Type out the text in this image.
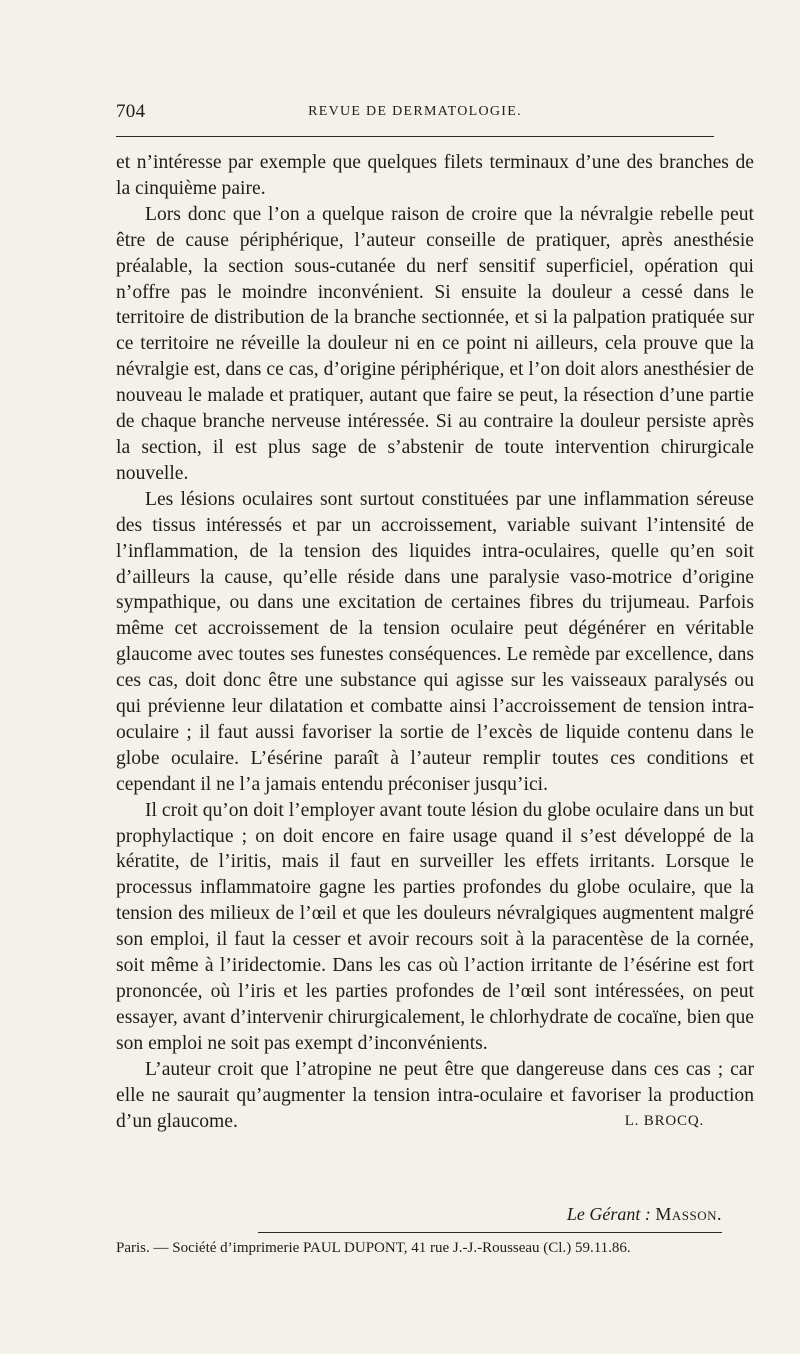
704	REVUE DE DERMATOLOGIE.

et n’intéresse par exemple que quelques filets terminaux d’une des branches de la cinquième paire.

Lors donc que l’on a quelque raison de croire que la névralgie rebelle peut être de cause périphérique, l’auteur conseille de pratiquer, après anesthésie préalable, la section sous-cutanée du nerf sensitif superficiel, opération qui n’offre pas le moindre inconvénient. Si ensuite la douleur a cessé dans le territoire de distribution de la branche sectionnée, et si la palpation pratiquée sur ce territoire ne réveille la douleur ni en ce point ni ailleurs, cela prouve que la névralgie est, dans ce cas, d’origine périphérique, et l’on doit alors anesthésier de nouveau le malade et pratiquer, autant que faire se peut, la résection d’une partie de chaque branche nerveuse intéressée. Si au contraire la douleur persiste après la section, il est plus sage de s’abstenir de toute intervention chirurgicale nouvelle.

Les lésions oculaires sont surtout constituées par une inflammation séreuse des tissus intéressés et par un accroissement, variable suivant l’intensité de l’inflammation, de la tension des liquides intra-oculaires, quelle qu’en soit d’ailleurs la cause, qu’elle réside dans une paralysie vaso-motrice d’origine sympathique, ou dans une excitation de certaines fibres du trijumeau. Parfois même cet accroissement de la tension oculaire peut dégénérer en véritable glaucome avec toutes ses funestes conséquences. Le remède par excellence, dans ces cas, doit donc être une substance qui agisse sur les vaisseaux paralysés ou qui prévienne leur dilatation et combatte ainsi l’accroissement de tension intra-oculaire ; il faut aussi favoriser la sortie de l’excès de liquide contenu dans le globe oculaire. L’ésérine paraît à l’auteur remplir toutes ces conditions et cependant il ne l’a jamais entendu préconiser jusqu’ici.

Il croit qu’on doit l’employer avant toute lésion du globe oculaire dans un but prophylactique ; on doit encore en faire usage quand il s’est développé de la kératite, de l’iritis, mais il faut en surveiller les effets irritants. Lorsque le processus inflammatoire gagne les parties profondes du globe oculaire, que la tension des milieux de l’œil et que les douleurs névralgiques augmentent malgré son emploi, il faut la cesser et avoir recours soit à la paracentèse de la cornée, soit même à l’iridectomie. Dans les cas où l’action irritante de l’ésérine est fort prononcée, où l’iris et les parties profondes de l’œil sont intéressées, on peut essayer, avant d’intervenir chirurgicalement, le chlorhydrate de cocaïne, bien que son emploi ne soit pas exempt d’inconvénients.

L’auteur croit que l’atropine ne peut être que dangereuse dans ces cas ; car elle ne saurait qu’augmenter la tension intra-oculaire et favoriser la production d’un glaucome.	L. BROCQ.
Le Gérant : Masson.
Paris. — Société d’imprimerie PAUL DUPONT, 41 rue J.-J.-Rousseau (Cl.) 59.11.86.
